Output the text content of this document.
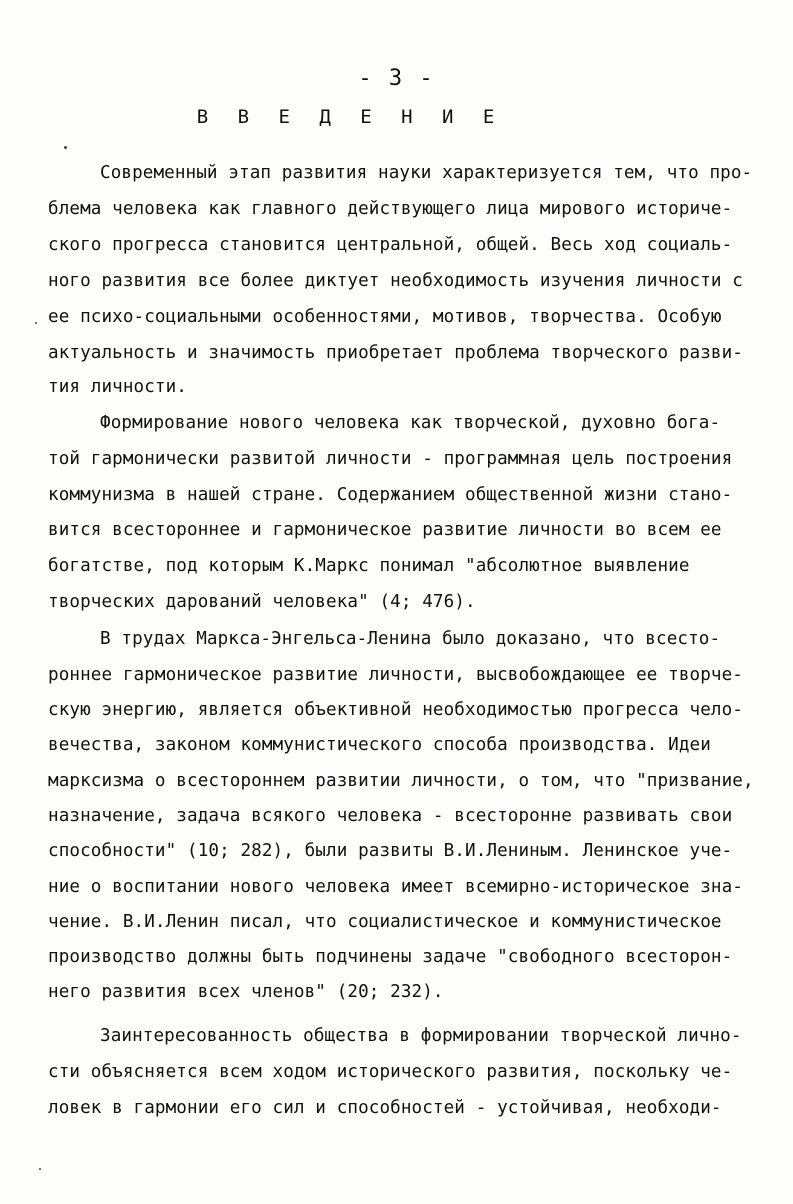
- 3 -
В В Е Д Е Н И Е
Современный этап развития науки характеризуется тем, что про-
блема человека как главного действующего лица мирового историче-
ского прогресса становится центральной, общей. Весь ход социаль-
ного развития все более диктует необходимость изучения личности с
ее психо-социальными особенностями, мотивов, творчества. Особую
актуальность и значимость приобретает проблема творческого разви-
тия личности.
Формирование нового человека как творческой, духовно бога-
той гармонически развитой личности - программная цель построения
коммунизма в нашей стране. Содержанием общественной жизни стано-
вится всестороннее и гармоническое развитие личности во всем ее
богатстве, под которым К.Маркс понимал "абсолютное выявление
творческих дарований человека" (4; 476).
В трудах Маркса-Энгельса-Ленина было доказано, что всесто-
роннее гармоническое развитие личности, высвобождающее ее творче-
скую энергию, является объективной необходимостью прогресса чело-
вечества, законом коммунистического способа производства. Идеи
марксизма о всестороннем развитии личности, о том, что "призвание,
назначение, задача всякого человека - всесторонне развивать свои
способности" (10; 282), были развиты В.И.Лениным. Ленинское уче-
ние о воспитании нового человека имеет всемирно-историческое зна-
чение. В.И.Ленин писал, что социалистическое и коммунистическое
производство должны быть подчинены задаче "свободного всесторон-
него развития всех членов" (20; 232).
Заинтересованность общества в формировании творческой лично-
сти объясняется всем ходом исторического развития, поскольку че-
ловек в гармонии его сил и способностей - устойчивая, необходи-
